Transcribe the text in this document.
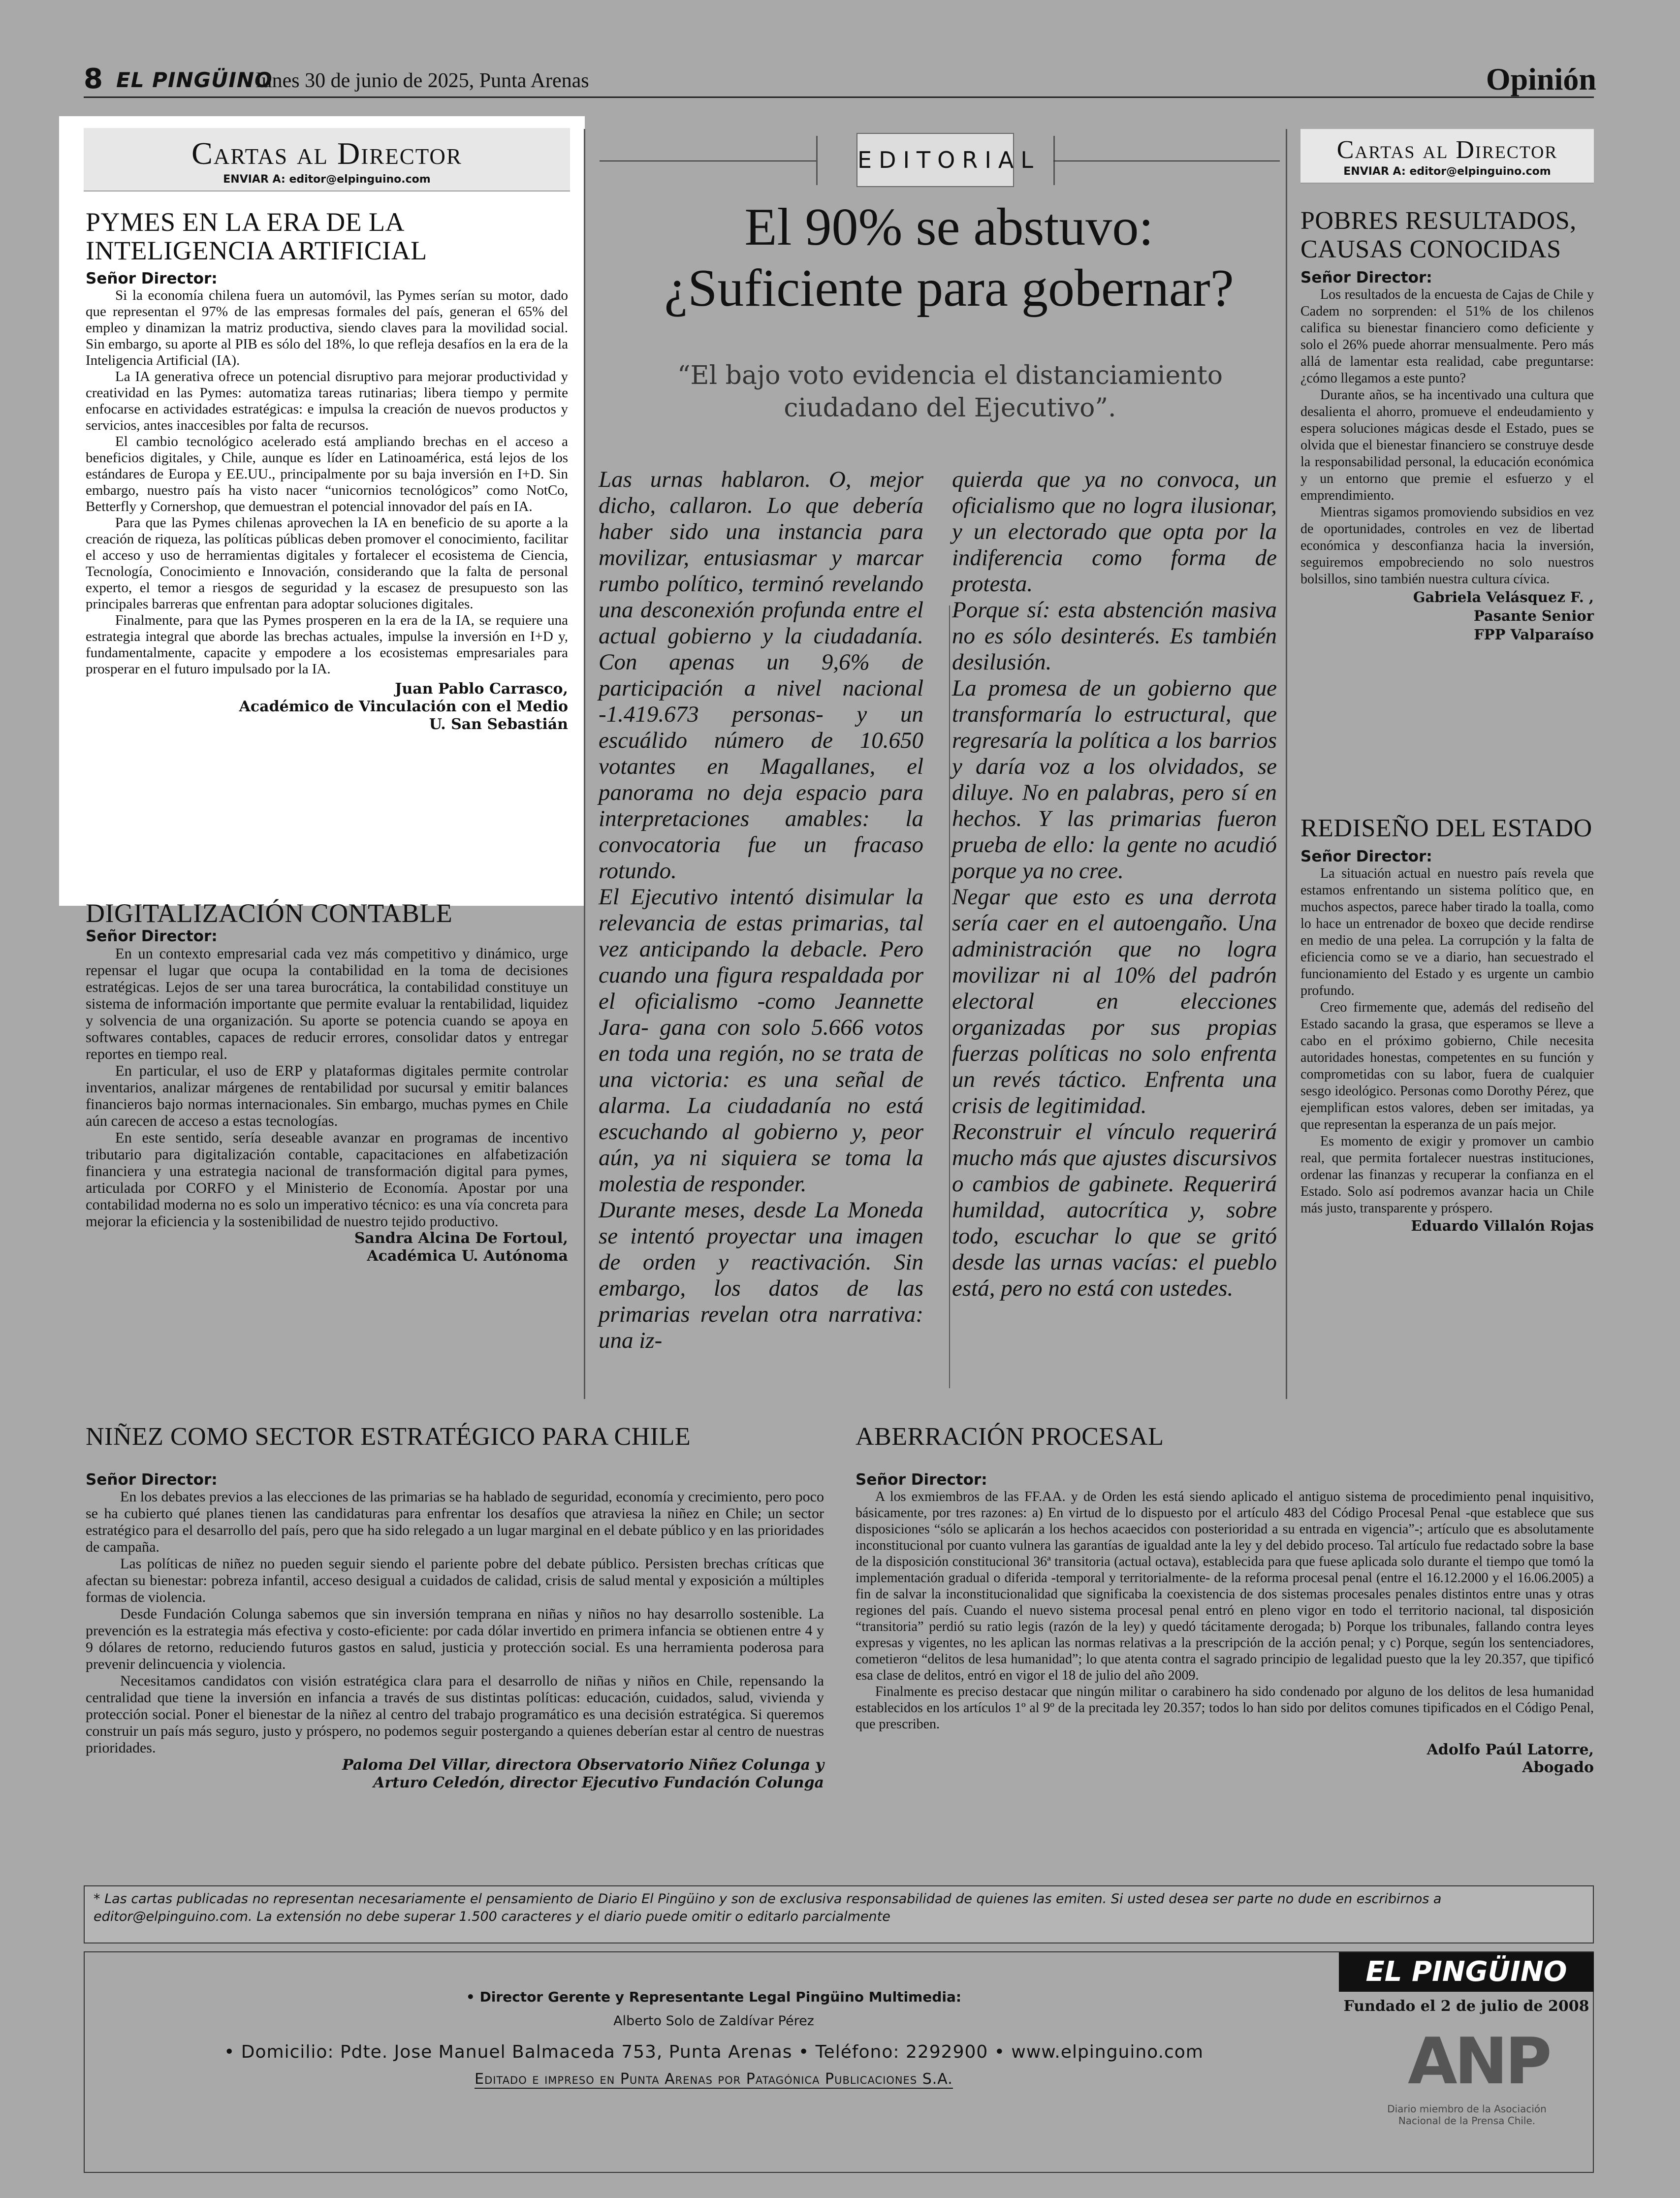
8 EL PINGÜINO
lunes 30 de junio de 2025, Punta Arenas	Opinión
Cartas al Director
ENVIAR A: editor@elpinguino.com
PYMES EN LA ERA DE LA INTELIGENCIA ARTIFICIAL
Señor Director:

Si la economía chilena fuera un automóvil, las Pymes serían su motor, dado que representan el 97% de las empresas formales del país, generan el 65% del empleo y dinamizan la matriz productiva, siendo claves para la movilidad social. Sin embargo, su aporte al PIB es sólo del 18%, lo que refleja desafíos en la era de la Inteligencia Artificial (IA).

La IA generativa ofrece un potencial disruptivo para mejorar productividad y creatividad en las Pymes: automatiza tareas rutinarias; libera tiempo y permite enfocarse en actividades estratégicas: e impulsa la creación de nuevos productos y servicios, antes inaccesibles por falta de recursos.

El cambio tecnológico acelerado está ampliando brechas en el acceso a beneficios digitales, y Chile, aunque es líder en Latinoamérica, está lejos de los estándares de Europa y EE.UU., principalmente por su baja inversión en I+D. Sin embargo, nuestro país ha visto nacer “unicornios tecnológicos” como NotCo, Betterfly y Cornershop, que demuestran el potencial innovador del país en IA.

Para que las Pymes chilenas aprovechen la IA en beneficio de su aporte a la creación de riqueza, las políticas públicas deben promover el conocimiento, facilitar el acceso y uso de herramientas digitales y fortalecer el ecosistema de Ciencia, Tecnología, Conocimiento e Innovación, considerando que la falta de personal experto, el temor a riesgos de seguridad y la escasez de presupuesto son las principales barreras que enfrentan para adoptar soluciones digitales.

Finalmente, para que las Pymes prosperen en la era de la IA, se requiere una estrategia integral que aborde las brechas actuales, impulse la inversión en I+D y, fundamentalmente, capacite y empodere a los ecosistemas empresariales para prosperar en el futuro impulsado por la IA.

Juan Pablo Carrasco,
Académico de Vinculación con el Medio
U. San Sebastián
DIGITALIZACIÓN CONTABLE
Señor Director:

En un contexto empresarial cada vez más competitivo y dinámico, urge repensar el lugar que ocupa la contabilidad en la toma de decisiones estratégicas. Lejos de ser una tarea burocrática, la contabilidad constituye un sistema de información importante que permite evaluar la rentabilidad, liquidez y solvencia de una organización. Su aporte se potencia cuando se apoya en softwares contables, capaces de reducir errores, consolidar datos y entregar reportes en tiempo real.

En particular, el uso de ERP y plataformas digitales permite controlar inventarios, analizar márgenes de rentabilidad por sucursal y emitir balances financieros bajo normas internacionales. Sin embargo, muchas pymes en Chile aún carecen de acceso a estas tecnologías.

En este sentido, sería deseable avanzar en programas de incentivo tributario para digitalización contable, capacitaciones en alfabetización financiera y una estrategia nacional de transformación digital para pymes, articulada por CORFO y el Ministerio de Economía. Apostar por una contabilidad moderna no es solo un imperativo técnico: es una vía concreta para mejorar la eficiencia y la sostenibilidad de nuestro tejido productivo.

Sandra Alcina De Fortoul,
Académica U. Autónoma
EDITORIAL
El 90% se abstuvo:
¿Suficiente para gobernar?
“El bajo voto evidencia el distanciamiento ciudadano del Ejecutivo”.
Las urnas hablaron. O, mejor dicho, callaron. Lo que debería haber sido una instancia para movilizar, entusiasmar y marcar rumbo político, terminó revelando una desconexión profunda entre el actual gobierno y la ciudadanía. Con apenas un 9,6% de participación a nivel nacional -1.419.673 personas- y un escuálido número de 10.650 votantes en Magallanes, el panorama no deja espacio para interpretaciones amables: la convocatoria fue un fracaso rotundo.
El Ejecutivo intentó disimular la relevancia de estas primarias, tal vez anticipando la debacle. Pero cuando una figura respaldada por el oficialismo -como Jeannette Jara- gana con solo 5.666 votos en toda una región, no se trata de una victoria: es una señal de alarma. La ciudadanía no está escuchando al gobierno y, peor aún, ya ni siquiera se toma la molestia de responder.
Durante meses, desde La Moneda se intentó proyectar una imagen de orden y reactivación. Sin embargo, los datos de las primarias revelan otra narrativa: una iz-
quierda que ya no convoca, un oficialismo que no logra ilusionar, y un electorado que opta por la indiferencia como forma de protesta.
Porque sí: esta abstención masiva no es sólo desinterés. Es también desilusión.
La promesa de un gobierno que transformaría lo estructural, que regresaría la política a los barrios y daría voz a los olvidados, se diluye. No en palabras, pero sí en hechos. Y las primarias fueron prueba de ello: la gente no acudió porque ya no cree.
Negar que esto es una derrota sería caer en el autoengaño. Una administración que no logra movilizar ni al 10% del padrón electoral en elecciones organizadas por sus propias fuerzas políticas no solo enfrenta un revés táctico. Enfrenta una crisis de legitimidad.
Reconstruir el vínculo requerirá mucho más que ajustes discursivos o cambios de gabinete. Requerirá humildad, autocrítica y, sobre todo, escuchar lo que se gritó desde las urnas vacías: el pueblo está, pero no está con ustedes.
Cartas al Director
ENVIAR A: editor@elpinguino.com
POBRES RESULTADOS, CAUSAS CONOCIDAS
Señor Director:

Los resultados de la encuesta de Cajas de Chile y Cadem no sorprenden: el 51% de los chilenos califica su bienestar financiero como deficiente y solo el 26% puede ahorrar mensualmente. Pero más allá de lamentar esta realidad, cabe preguntarse: ¿cómo llegamos a este punto?

Durante años, se ha incentivado una cultura que desalienta el ahorro, promueve el endeudamiento y espera soluciones mágicas desde el Estado, pues se olvida que el bienestar financiero se construye desde la responsabilidad personal, la educación económica y un entorno que premie el esfuerzo y el emprendimiento.

Mientras sigamos promoviendo subsidios en vez de oportunidades, controles en vez de libertad económica y desconfianza hacia la inversión, seguiremos empobreciendo no solo nuestros bolsillos, sino también nuestra cultura cívica.

Gabriela Velásquez F. ,
Pasante Senior
FPP Valparaíso
REDISEÑO DEL ESTADO
Señor Director:

La situación actual en nuestro país revela que estamos enfrentando un sistema político que, en muchos aspectos, parece haber tirado la toalla, como lo hace un entrenador de boxeo que decide rendirse en medio de una pelea. La corrupción y la falta de eficiencia como se ve a diario, han secuestrado el funcionamiento del Estado y es urgente un cambio profundo.

Creo firmemente que, además del rediseño del Estado sacando la grasa, que esperamos se lleve a cabo en el próximo gobierno, Chile necesita autoridades honestas, competentes en su función y comprometidas con su labor, fuera de cualquier sesgo ideológico. Personas como Dorothy Pérez, que ejemplifican estos valores, deben ser imitadas, ya que representan la esperanza de un país mejor.

Es momento de exigir y promover un cambio real, que permita fortalecer nuestras instituciones, ordenar las finanzas y recuperar la confianza en el Estado. Solo así podremos avanzar hacia un Chile más justo, transparente y próspero.

Eduardo Villalón Rojas
NIÑEZ COMO SECTOR ESTRATÉGICO PARA CHILE
Señor Director:

En los debates previos a las elecciones de las primarias se ha hablado de seguridad, economía y crecimiento, pero poco se ha cubierto qué planes tienen las candidaturas para enfrentar los desafíos que atraviesa la niñez en Chile; un sector estratégico para el desarrollo del país, pero que ha sido relegado a un lugar marginal en el debate público y en las prioridades de campaña.

Las políticas de niñez no pueden seguir siendo el pariente pobre del debate público. Persisten brechas críticas que afectan su bienestar: pobreza infantil, acceso desigual a cuidados de calidad, crisis de salud mental y exposición a múltiples formas de violencia.

Desde Fundación Colunga sabemos que sin inversión temprana en niñas y niños no hay desarrollo sostenible. La prevención es la estrategia más efectiva y costo-eficiente: por cada dólar invertido en primera infancia se obtienen entre 4 y 9 dólares de retorno, reduciendo futuros gastos en salud, justicia y protección social. Es una herramienta poderosa para prevenir delincuencia y violencia.

Necesitamos candidatos con visión estratégica clara para el desarrollo de niñas y niños en Chile, repensando la centralidad que tiene la inversión en infancia a través de sus distintas políticas: educación, cuidados, salud, vivienda y protección social. Poner el bienestar de la niñez al centro del trabajo programático es una decisión estratégica. Si queremos construir un país más seguro, justo y próspero, no podemos seguir postergando a quienes deberían estar al centro de nuestras prioridades.

Paloma Del Villar, directora Observatorio Niñez Colunga y
Arturo Celedón, director Ejecutivo Fundación Colunga
ABERRACIÓN PROCESAL
Señor Director:

A los exmiembros de las FF.AA. y de Orden les está siendo aplicado el antiguo sistema de procedimiento penal inquisitivo, básicamente, por tres razones: a) En virtud de lo dispuesto por el artículo 483 del Código Procesal Penal -que establece que sus disposiciones “sólo se aplicarán a los hechos acaecidos con posterioridad a su entrada en vigencia”-; artículo que es absolutamente inconstitucional por cuanto vulnera las garantías de igualdad ante la ley y del debido proceso. Tal artículo fue redactado sobre la base de la disposición constitucional 36ª transitoria (actual octava), establecida para que fuese aplicada solo durante el tiempo que tomó la implementación gradual o diferida -temporal y territorialmente- de la reforma procesal penal (entre el 16.12.2000 y el 16.06.2005) a fin de salvar la inconstitucionalidad que significaba la coexistencia de dos sistemas procesales penales distintos entre unas y otras regiones del país. Cuando el nuevo sistema procesal penal entró en pleno vigor en todo el territorio nacional, tal disposición “transitoria” perdió su ratio legis (razón de la ley) y quedó tácitamente derogada; b) Porque los tribunales, fallando contra leyes expresas y vigentes, no les aplican las normas relativas a la prescripción de la acción penal; y c) Porque, según los sentenciadores, cometieron “delitos de lesa humanidad”; lo que atenta contra el sagrado principio de legalidad puesto que la ley 20.357, que tipificó esa clase de delitos, entró en vigor el 18 de julio del año 2009.

Finalmente es preciso destacar que ningún militar o carabinero ha sido condenado por alguno de los delitos de lesa humanidad establecidos en los artículos 1º al 9º de la precitada ley 20.357; todos lo han sido por delitos comunes tipificados en el Código Penal, que prescriben.

Adolfo Paúl Latorre,
Abogado
* Las cartas publicadas no representan necesariamente el pensamiento de Diario El Pingüino y son de exclusiva responsabilidad de quienes las emiten. Si usted desea ser parte no dude en escribirnos a editor@elpinguino.com. La extensión no debe superar 1.500 caracteres y el diario puede omitir o editarlo parcialmente
EL PINGÜINO
Fundado el 2 de julio de 2008
• Director Gerente y Representante Legal Pingüino Multimedia:
Alberto Solo de Zaldívar Pérez
• Domicilio: Pdte. Jose Manuel Balmaceda 753, Punta Arenas • Teléfono: 2292900 • www.elpinguino.com
Editado e impreso en Punta Arenas por Patagónica Publicaciones S.A.	ANP
Diario miembro de la Asociación
Nacional de la Prensa Chile.
